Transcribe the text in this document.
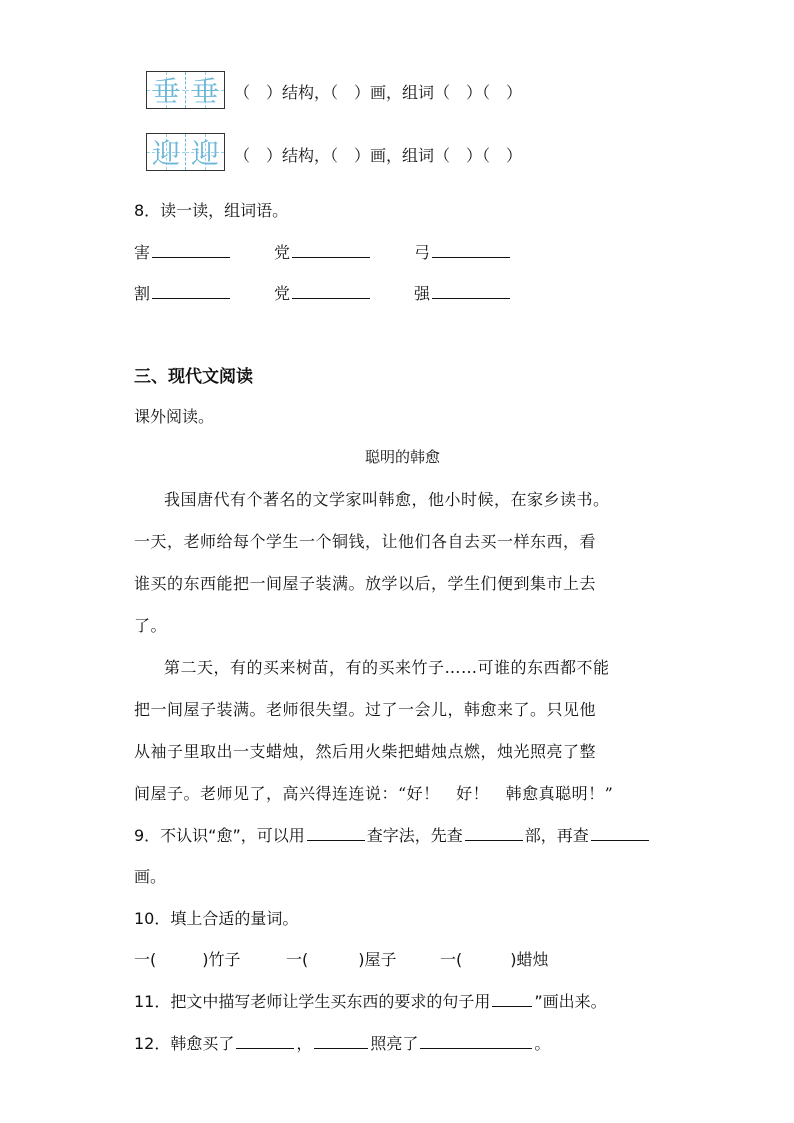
垂 垂 （　）结构，（　）画，组词（　）（　）
迎 迎 （　）结构，（　）画，组词（　）（　）
8．读一读，组词语。
害	党	弓
割	党	强
三、现代文阅读
课外阅读。
聪明的韩愈
我国唐代有个著名的文学家叫韩愈，他小时候，在家乡读书。
一天，老师给每个学生一个铜钱，让他们各自去买一样东西，看
谁买的东西能把一间屋子装满。放学以后，学生们便到集市上去
了。
第二天，有的买来树苗，有的买来竹子……可谁的东西都不能
把一间屋子装满。老师很失望。过了一会儿，韩愈来了。只见他
从袖子里取出一支蜡烛，然后用火柴把蜡烛点燃，烛光照亮了整
间屋子。老师见了，高兴得连连说：“好！　好！　韩愈真聪明！”
9．不认识“愈”，可以用	查字法，先查	部，再查
画。
10．填上合适的量词。
一(	)竹子	一(	)屋子	一(	)蜡烛
11．把文中描写老师让学生买东西的要求的句子用	”画出来。
12．韩愈买了	，	照亮了	。
